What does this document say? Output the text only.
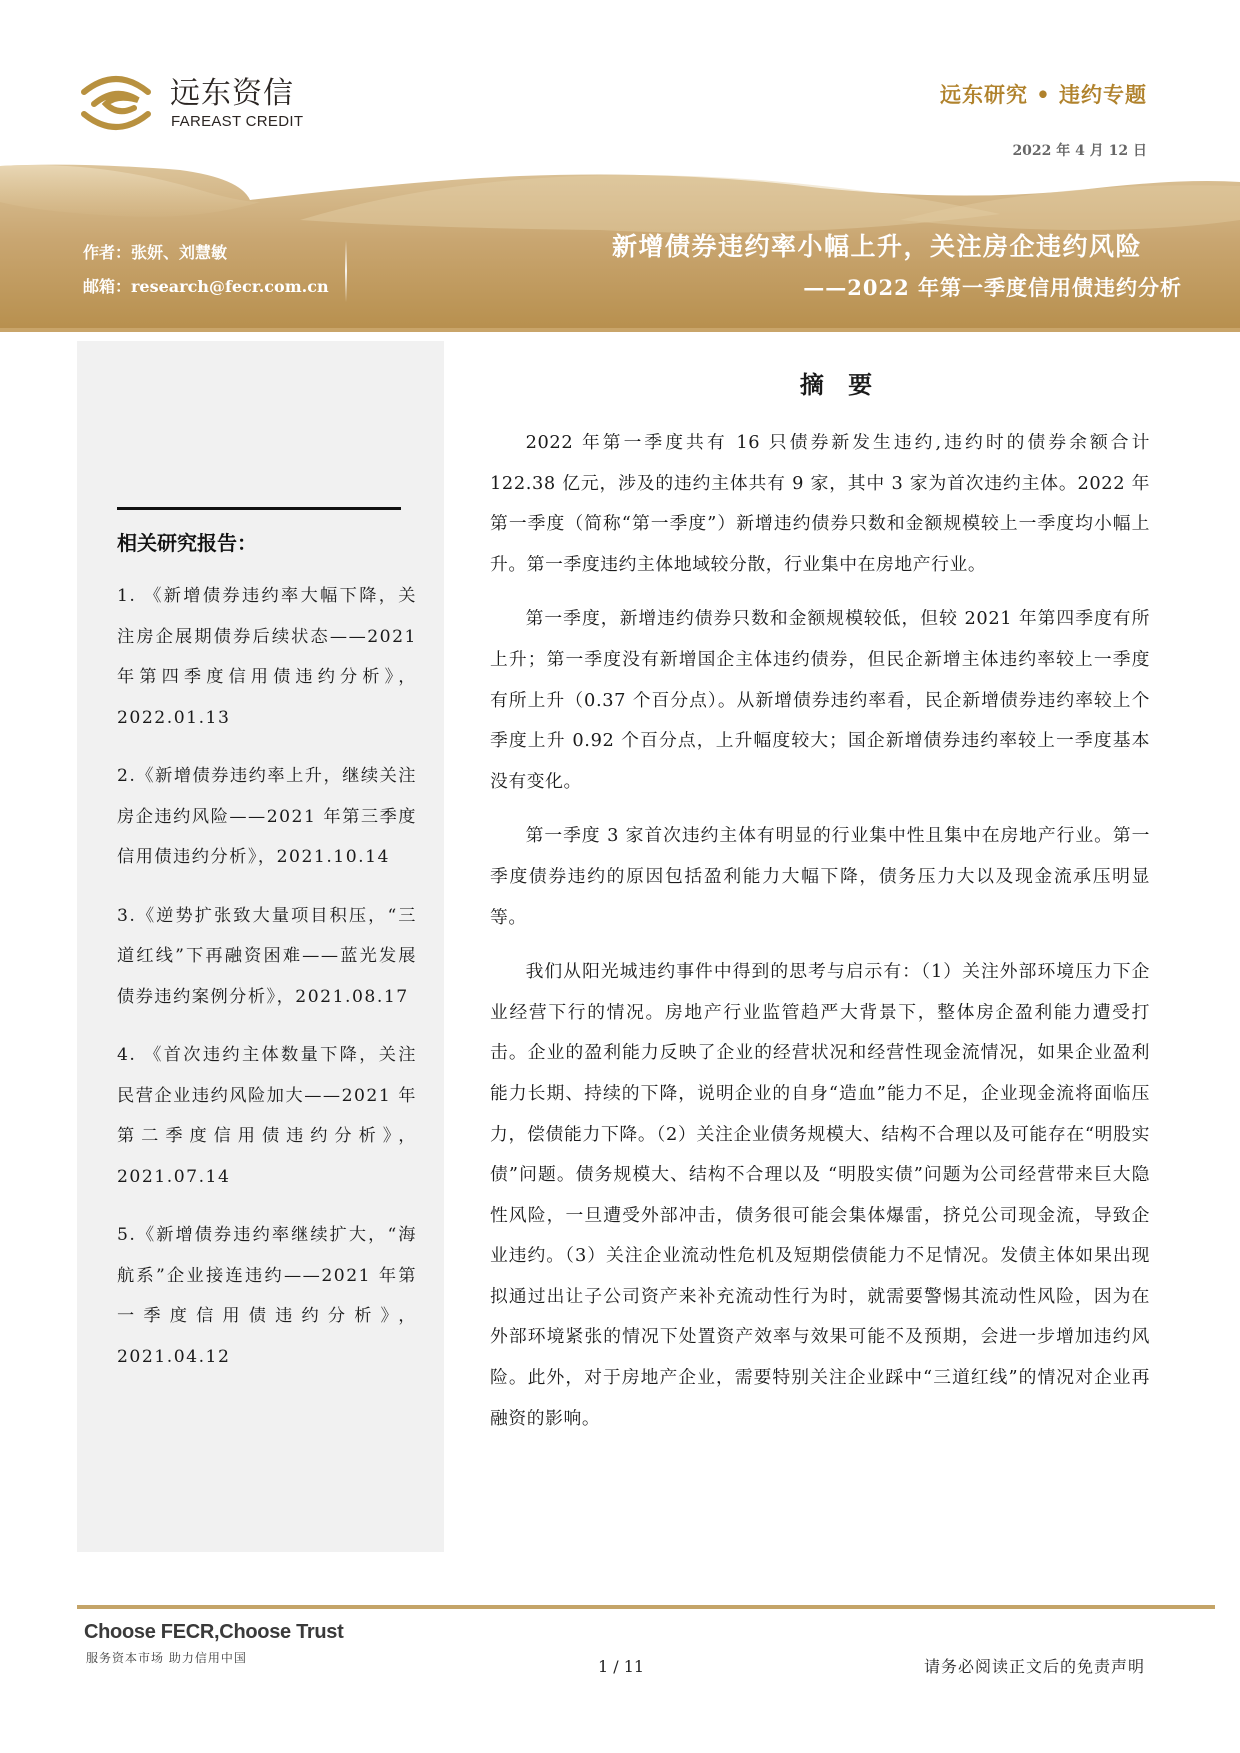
远东资信
FAREAST CREDIT
远东研究 • 违约专题
2022 年 4 月 12 日
作者：张妍、刘慧敏
邮箱：research@fecr.com.cn
新增债券违约率小幅上升，关注房企违约风险
——2022 年第一季度信用债违约分析
相关研究报告：
1. 《新增债券违约率大幅下降，关注房企展期债券后续状态——2021 年第四季度信用债违约分析》，2022.01.13
2.《新增债券违约率上升，继续关注房企违约风险——2021 年第三季度信用债违约分析》，2021.10.14
3.《逆势扩张致大量项目积压，“三道红线”下再融资困难——蓝光发展债券违约案例分析》，2021.08.17
4. 《首次违约主体数量下降，关注民营企业违约风险加大——2021 年第二季度信用债违约分析》，2021.07.14
5.《新增债券违约率继续扩大，“海航系”企业接连违约——2021 年第一季度信用债违约分析》，2021.04.12
摘 要

2022 年第一季度共有 16 只债券新发生违约,违约时的债券余额合计 122.38 亿元，涉及的违约主体共有 9 家，其中 3 家为首次违约主体。2022 年第一季度（简称“第一季度”）新增违约债券只数和金额规模较上一季度均小幅上升。第一季度违约主体地域较分散，行业集中在房地产行业。

第一季度，新增违约债券只数和金额规模较低，但较 2021 年第四季度有所上升；第一季度没有新增国企主体违约债券，但民企新增主体违约率较上一季度有所上升（0.37 个百分点）。从新增债券违约率看，民企新增债券违约率较上个季度上升 0.92 个百分点，上升幅度较大；国企新增债券违约率较上一季度基本没有变化。

第一季度 3 家首次违约主体有明显的行业集中性且集中在房地产行业。第一季度债券违约的原因包括盈利能力大幅下降，债务压力大以及现金流承压明显等。

我们从阳光城违约事件中得到的思考与启示有：（1）关注外部环境压力下企业经营下行的情况。房地产行业监管趋严大背景下，整体房企盈利能力遭受打击。企业的盈利能力反映了企业的经营状况和经营性现金流情况，如果企业盈利能力长期、持续的下降，说明企业的自身“造血”能力不足，企业现金流将面临压力，偿债能力下降。（2）关注企业债务规模大、结构不合理以及可能存在“明股实债”问题。债务规模大、结构不合理以及 “明股实债”问题为公司经营带来巨大隐性风险，一旦遭受外部冲击，债务很可能会集体爆雷，挤兑公司现金流，导致企业违约。（3）关注企业流动性危机及短期偿债能力不足情况。发债主体如果出现拟通过出让子公司资产来补充流动性行为时，就需要警惕其流动性风险，因为在外部环境紧张的情况下处置资产效率与效果可能不及预期，会进一步增加违约风险。此外，对于房地产企业，需要特别关注企业踩中“三道红线”的情况对企业再融资的影响。

Choose FECR,Choose Trust
服务资本市场 助力信用中国	1 / 11	请务必阅读正文后的免责声明
